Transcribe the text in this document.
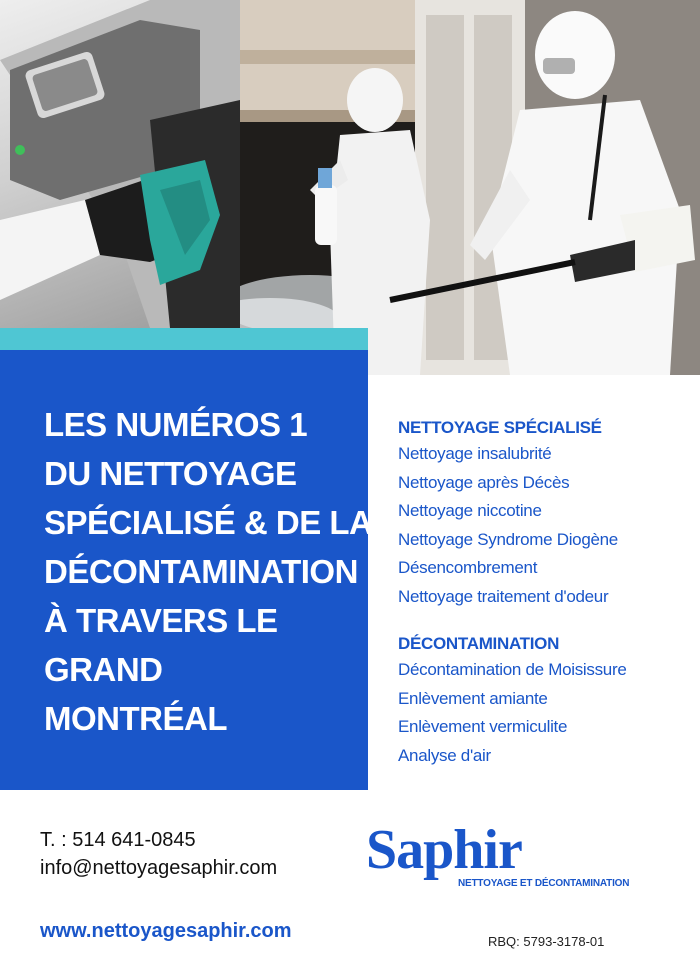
LES NUMÉROS 1
DU NETTOYAGE
SPÉCIALISÉ & DE LA
DÉCONTAMINATION
À TRAVERS LE
GRAND
MONTRÉAL
NETTOYAGE SPÉCIALISÉ
Nettoyage insalubrité
Nettoyage après Décès
Nettoyage niccotine
Nettoyage Syndrome Diogène
Désencombrement
Nettoyage traitement d'odeur
DÉCONTAMINATION
Décontamination de Moisissure
Enlèvement amiante
Enlèvement vermiculite
Analyse d'air
T. : 514 641-0845
info@nettoyagesaphir.com
www.nettoyagesaphir.com
Saphir
NETTOYAGE ET DÉCONTAMINATION
RBQ: 5793-3178-01
